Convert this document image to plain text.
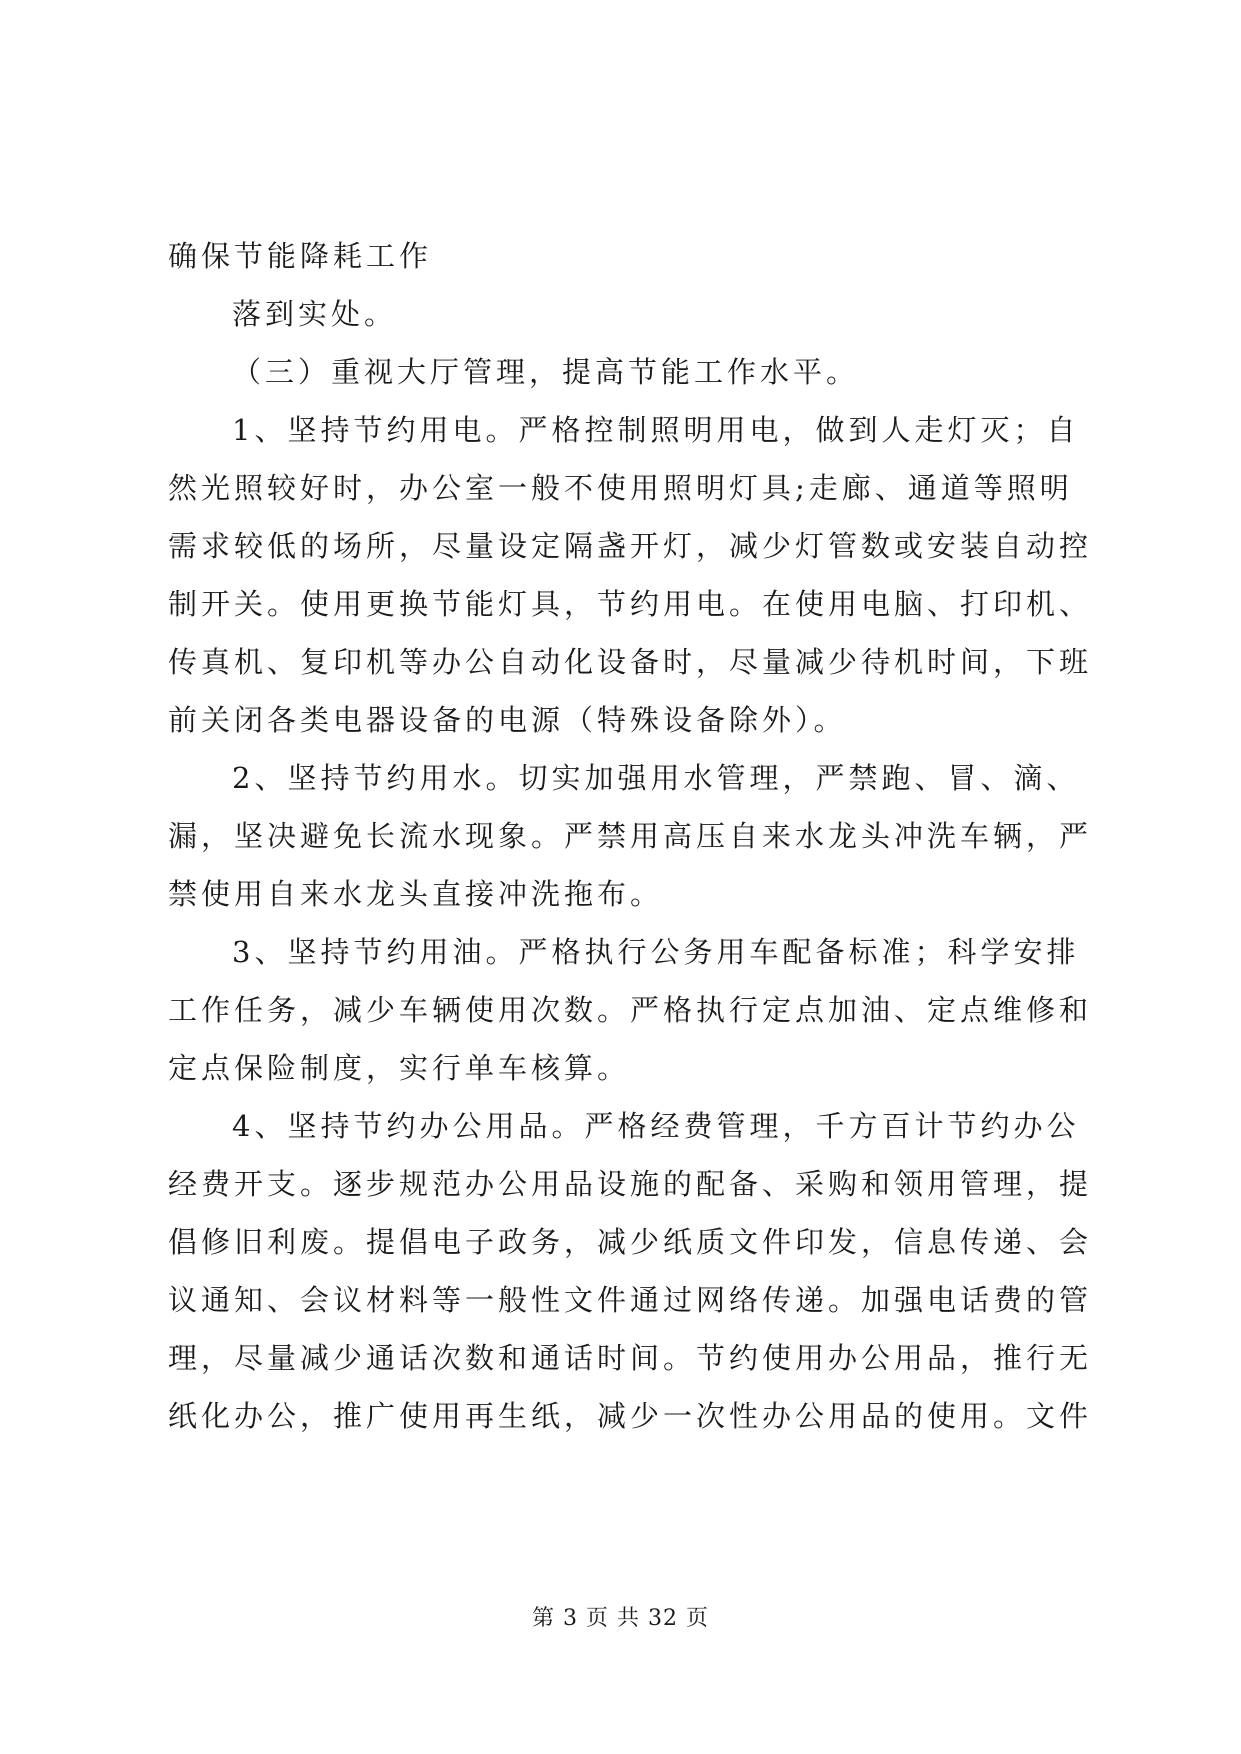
确保节能降耗工作
落到实处。
（三）重视大厅管理，提高节能工作水平。
1、坚持节约用电。严格控制照明用电，做到人走灯灭；自
然光照较好时，办公室一般不使用照明灯具;走廊、通道等照明
需求较低的场所，尽量设定隔盏开灯，减少灯管数或安装自动控
制开关。使用更换节能灯具，节约用电。在使用电脑、打印机、
传真机、复印机等办公自动化设备时，尽量减少待机时间，下班
前关闭各类电器设备的电源（特殊设备除外）。
2、坚持节约用水。切实加强用水管理，严禁跑、冒、滴、
漏，坚决避免长流水现象。严禁用高压自来水龙头冲洗车辆，严
禁使用自来水龙头直接冲洗拖布。
3、坚持节约用油。严格执行公务用车配备标准；科学安排
工作任务，减少车辆使用次数。严格执行定点加油、定点维修和
定点保险制度，实行单车核算。
4、坚持节约办公用品。严格经费管理，千方百计节约办公
经费开支。逐步规范办公用品设施的配备、采购和领用管理，提
倡修旧利废。提倡电子政务，减少纸质文件印发，信息传递、会
议通知、会议材料等一般性文件通过网络传递。加强电话费的管
理，尽量减少通话次数和通话时间。节约使用办公用品，推行无
纸化办公，推广使用再生纸，减少一次性办公用品的使用。文件
第 3 页 共 32 页
